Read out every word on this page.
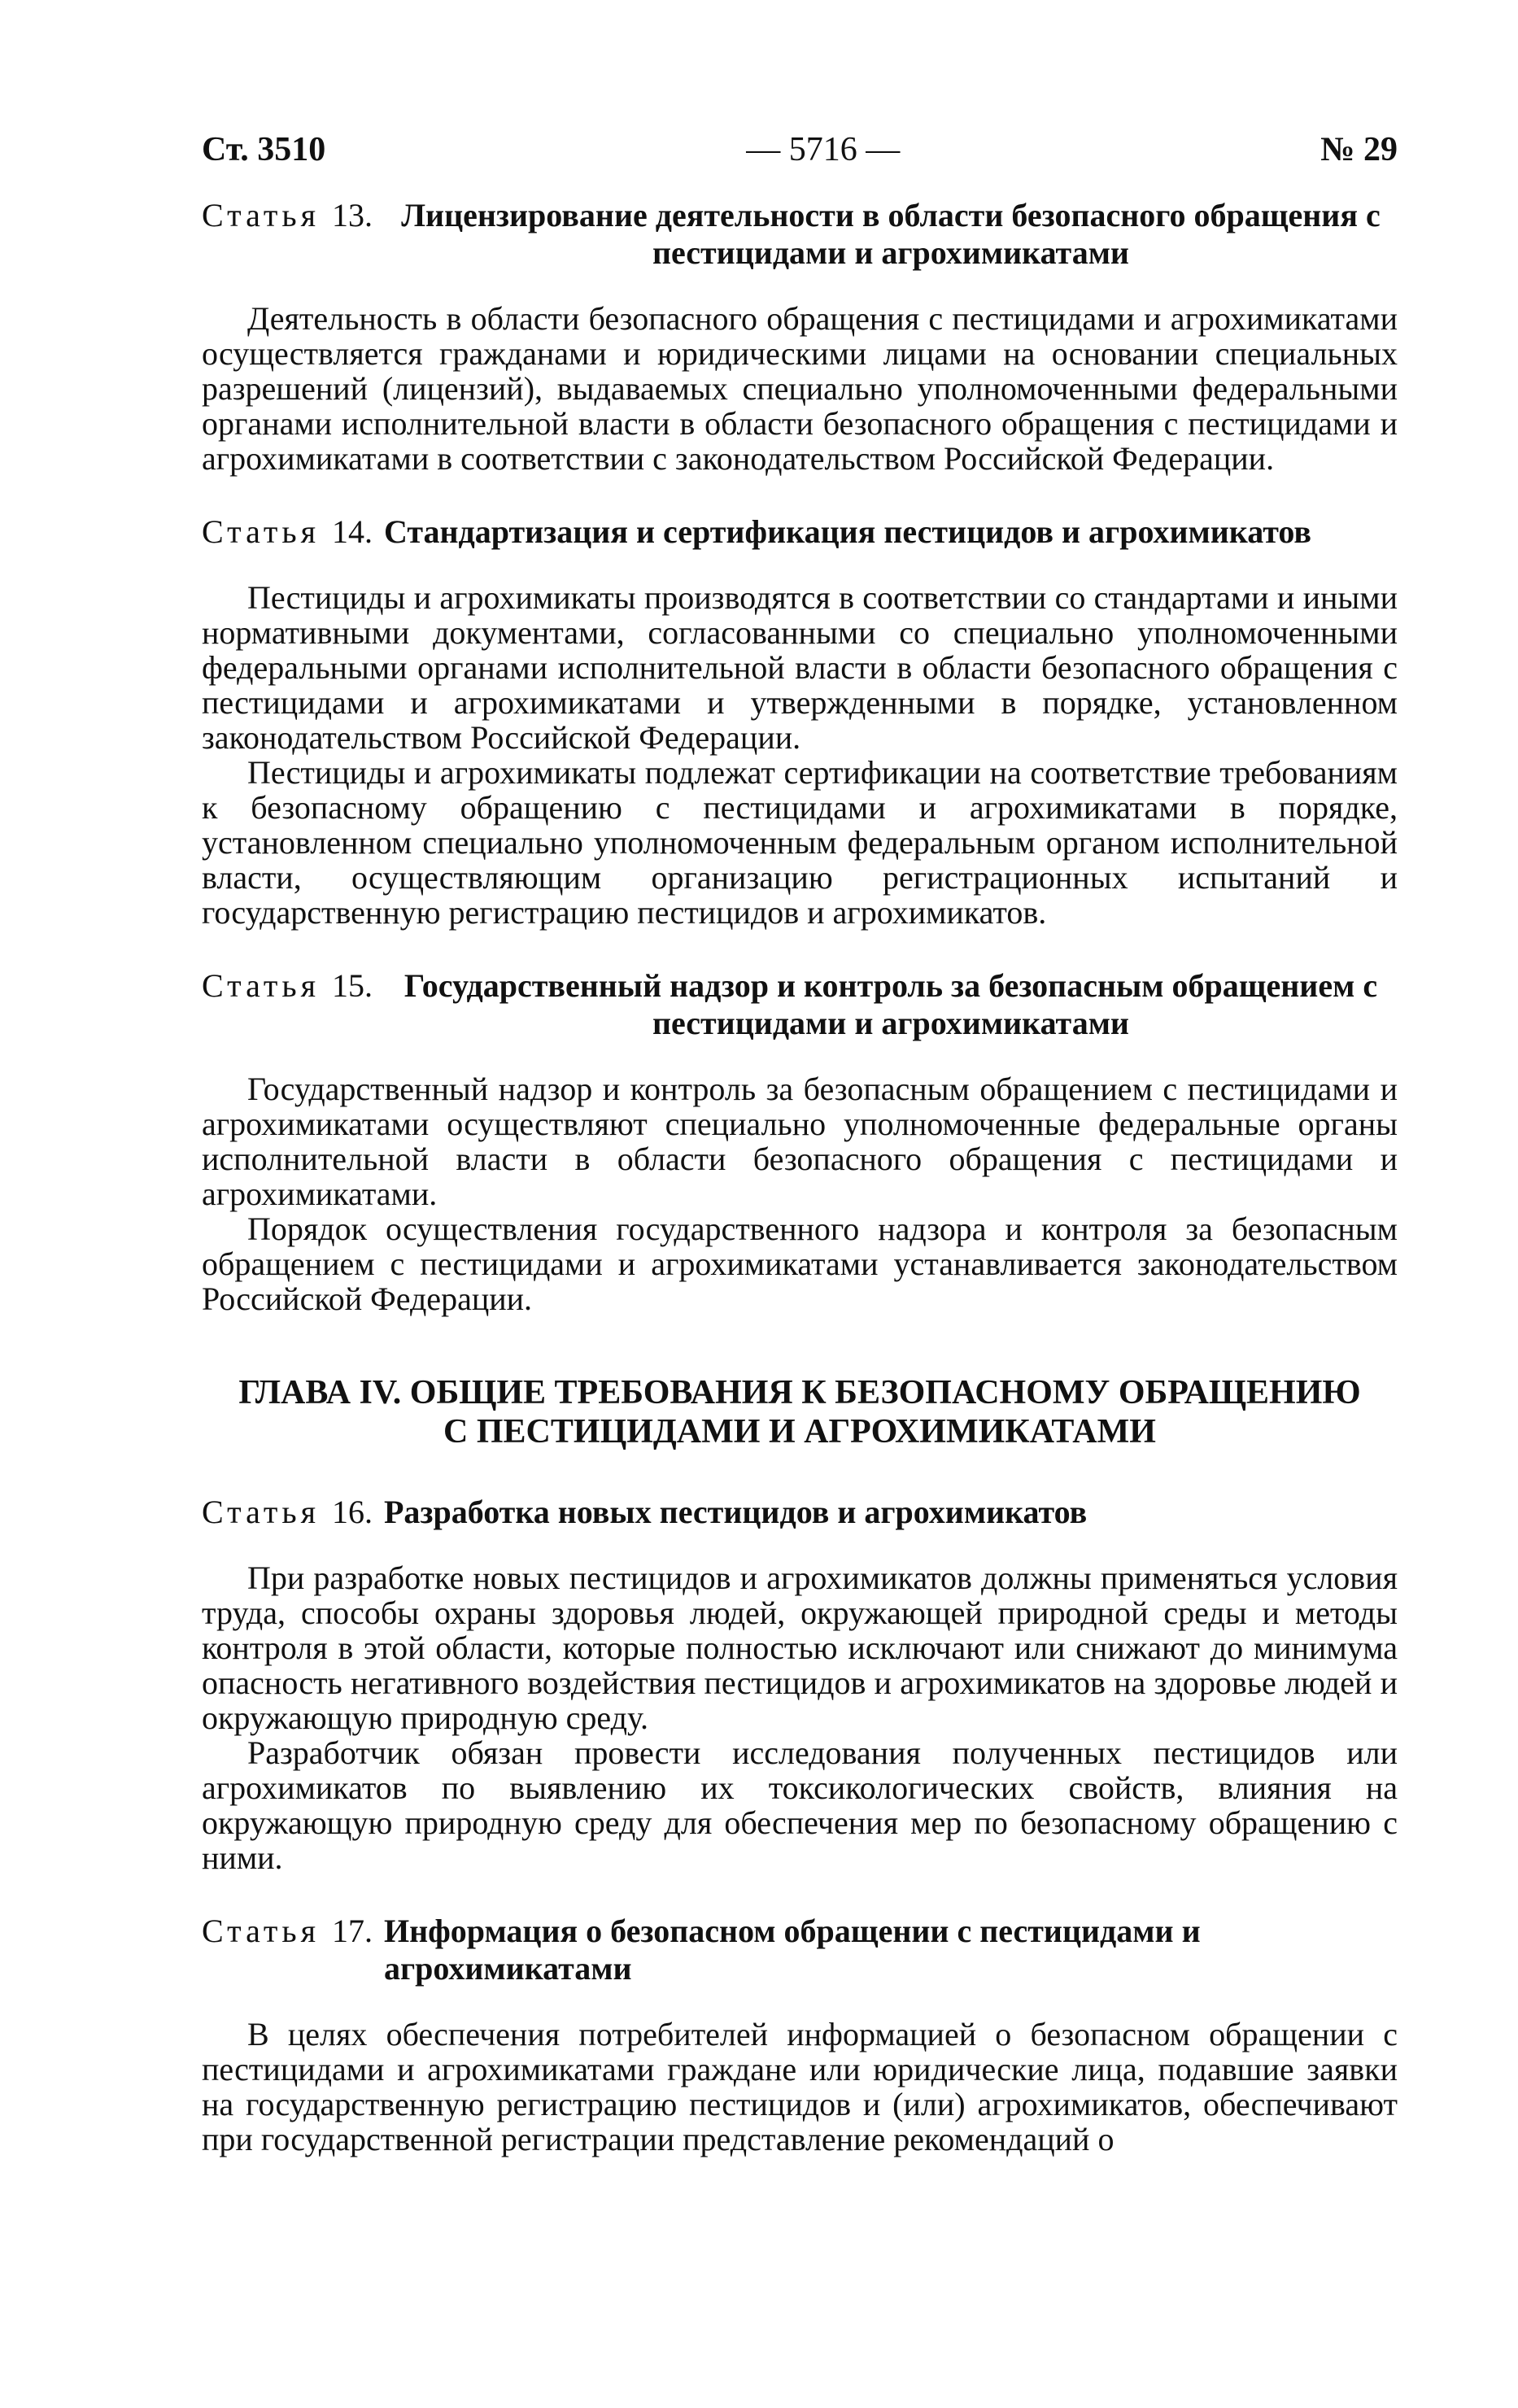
Ст. 3510	— 5716 —	№ 29
Статья 13. Лицензирование деятельности в области безопасного обращения с пестицидами и агрохимикатами

Деятельность в области безопасного обращения с пестицидами и агрохимикатами осуществляется гражданами и юридическими лицами на основании специальных разрешений (лицензий), выдаваемых специально уполномоченными федеральными органами исполнительной власти в области безопасного обращения с пестицидами и агрохимикатами в соответствии с законодательством Российской Федерации.

Статья 14. Стандартизация и сертификация пестицидов и агрохимикатов

Пестициды и агрохимикаты производятся в соответствии со стандартами и иными нормативными документами, согласованными со специально уполномоченными федеральными органами исполнительной власти в области безопасного обращения с пестицидами и агрохимикатами и утвержденными в порядке, установленном законодательством Российской Федерации.

Пестициды и агрохимикаты подлежат сертификации на соответствие требованиям к безопасному обращению с пестицидами и агрохимикатами в порядке, установленном специально уполномоченным федеральным органом исполнительной власти, осуществляющим организацию регистрационных испытаний и государственную регистрацию пестицидов и агрохимикатов.

Статья 15. Государственный надзор и контроль за безопасным обращением с пестицидами и агрохимикатами

Государственный надзор и контроль за безопасным обращением с пестицидами и агрохимикатами осуществляют специально уполномоченные федеральные органы исполнительной власти в области безопасного обращения с пестицидами и агрохимикатами.

Порядок осуществления государственного надзора и контроля за безопасным обращением с пестицидами и агрохимикатами устанавливается законодательством Российской Федерации.

ГЛАВА IV. ОБЩИЕ ТРЕБОВАНИЯ К БЕЗОПАСНОМУ ОБРАЩЕНИЮ
С ПЕСТИЦИДАМИ И АГРОХИМИКАТАМИ
Статья 16. Разработка новых пестицидов и агрохимикатов

При разработке новых пестицидов и агрохимикатов должны применяться условия труда, способы охраны здоровья людей, окружающей природной среды и методы контроля в этой области, которые полностью исключают или снижают до минимума опасность негативного воздействия пестицидов и агрохимикатов на здоровье людей и окружающую природную среду.

Разработчик обязан провести исследования полученных пестицидов или агрохимикатов по выявлению их токсикологических свойств, влияния на окружающую природную среду для обеспечения мер по безопасному обращению с ними.

Статья 17. Информация о безопасном обращении с пестицидами и агрохимикатами

В целях обеспечения потребителей информацией о безопасном обращении с пестицидами и агрохимикатами граждане или юридические лица, подавшие заявки на государственную регистрацию пестицидов и (или) агрохимикатов, обеспечивают при государственной регистрации представление рекомендаций о
